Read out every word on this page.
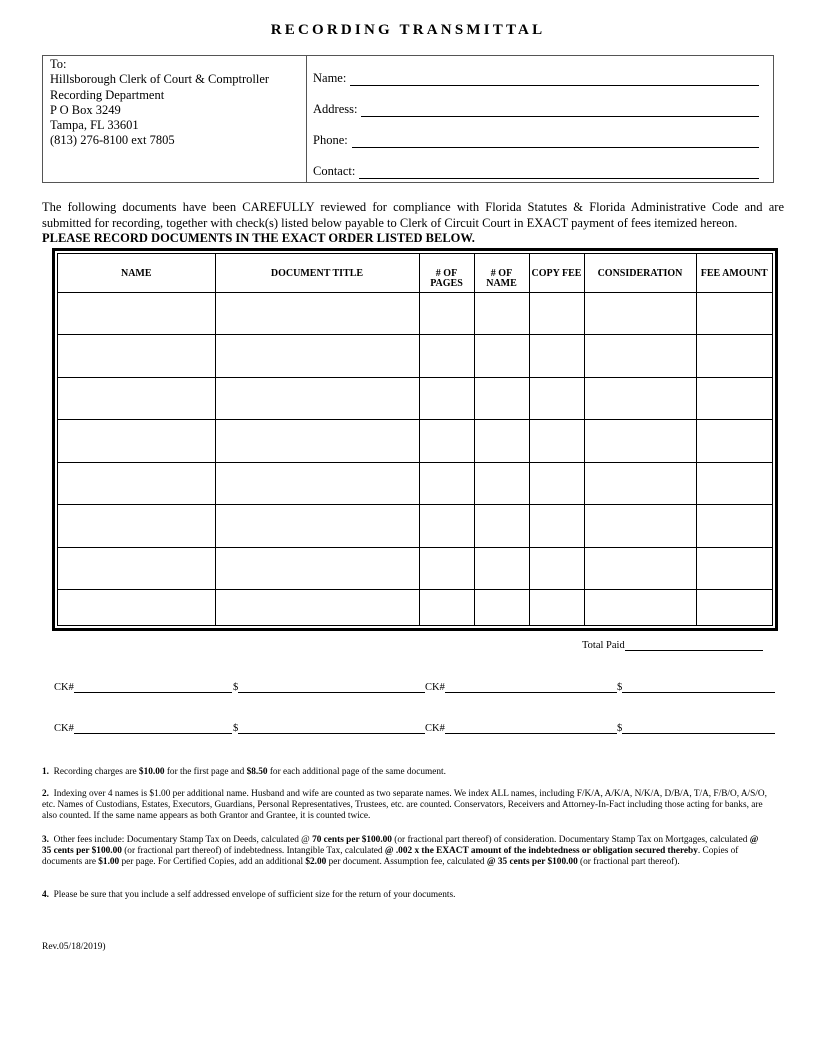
RECORDING TRANSMITTAL
To:
Hillsborough Clerk of Court & Comptroller
Recording Department
P O Box 3249
Tampa, FL 33601
(813) 276-8100 ext 7805
Name:
Address:
Phone:
Contact:
The following documents have been CAREFULLY reviewed for compliance with Florida Statutes & Florida Administrative Code and are submitted for recording, together with check(s) listed below payable to Clerk of Circuit Court in EXACT payment of fees itemized hereon.
PLEASE RECORD DOCUMENTS IN THE EXACT ORDER LISTED BELOW.
NAME	DOCUMENT TITLE	# OF PAGES	# OF NAME	COPY FEE	CONSIDERATION	FEE AMOUNT

Total Paid
CK#	$	CK#	$
CK#	$	CK#	$
1. Recording charges are $10.00 for the first page and $8.50 for each additional page of the same document.
2. Indexing over 4 names is $1.00 per additional name. Husband and wife are counted as two separate names. We index ALL names, including F/K/A, A/K/A, N/K/A, D/B/A, T/A, F/B/O, A/S/O, etc. Names of Custodians, Estates, Executors, Guardians, Personal Representatives, Trustees, etc. are counted. Conservators, Receivers and Attorney-In-Fact including those acting for banks, are also counted. If the same name appears as both Grantor and Grantee, it is counted twice.
3. Other fees include: Documentary Stamp Tax on Deeds, calculated @ 70 cents per $100.00 (or fractional part thereof) of consideration. Documentary Stamp Tax on Mortgages, calculated @ 35 cents per $100.00 (or fractional part thereof) of indebtedness. Intangible Tax, calculated @ .002 x the EXACT amount of the indebtedness or obligation secured thereby. Copies of documents are $1.00 per page. For Certified Copies, add an additional $2.00 per document. Assumption fee, calculated @ 35 cents per $100.00 (or fractional part thereof).
4. Please be sure that you include a self addressed envelope of sufficient size for the return of your documents.
Rev.05/18/2019)
